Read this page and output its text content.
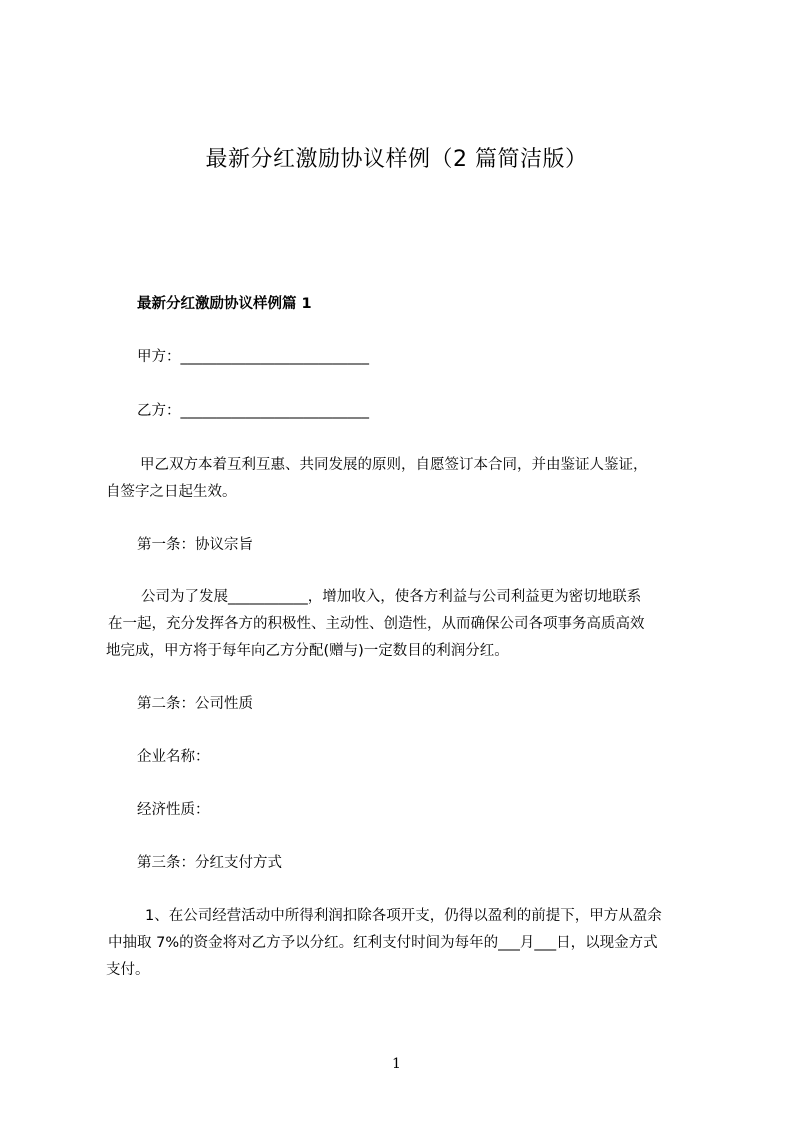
最新分红激励协议样例（2 篇简洁版）
最新分红激励协议样例篇 1
甲方：__________________________
乙方：__________________________
甲乙双方本着互利互惠、共同发展的原则，自愿签订本合同，并由鉴证人鉴证，
自签字之日起生效。
第一条：协议宗旨
公司为了发展___________，增加收入，使各方利益与公司利益更为密切地联系
在一起，充分发挥各方的积极性、主动性、创造性，从而确保公司各项事务高质高效
地完成，甲方将于每年向乙方分配(赠与)一定数目的利润分红。
第二条：公司性质
企业名称：
经济性质：
第三条：分红支付方式
1、在公司经营活动中所得利润扣除各项开支，仍得以盈利的前提下，甲方从盈余
中抽取 7%的资金将对乙方予以分红。红利支付时间为每年的___月___日，以现金方式
支付。
1
